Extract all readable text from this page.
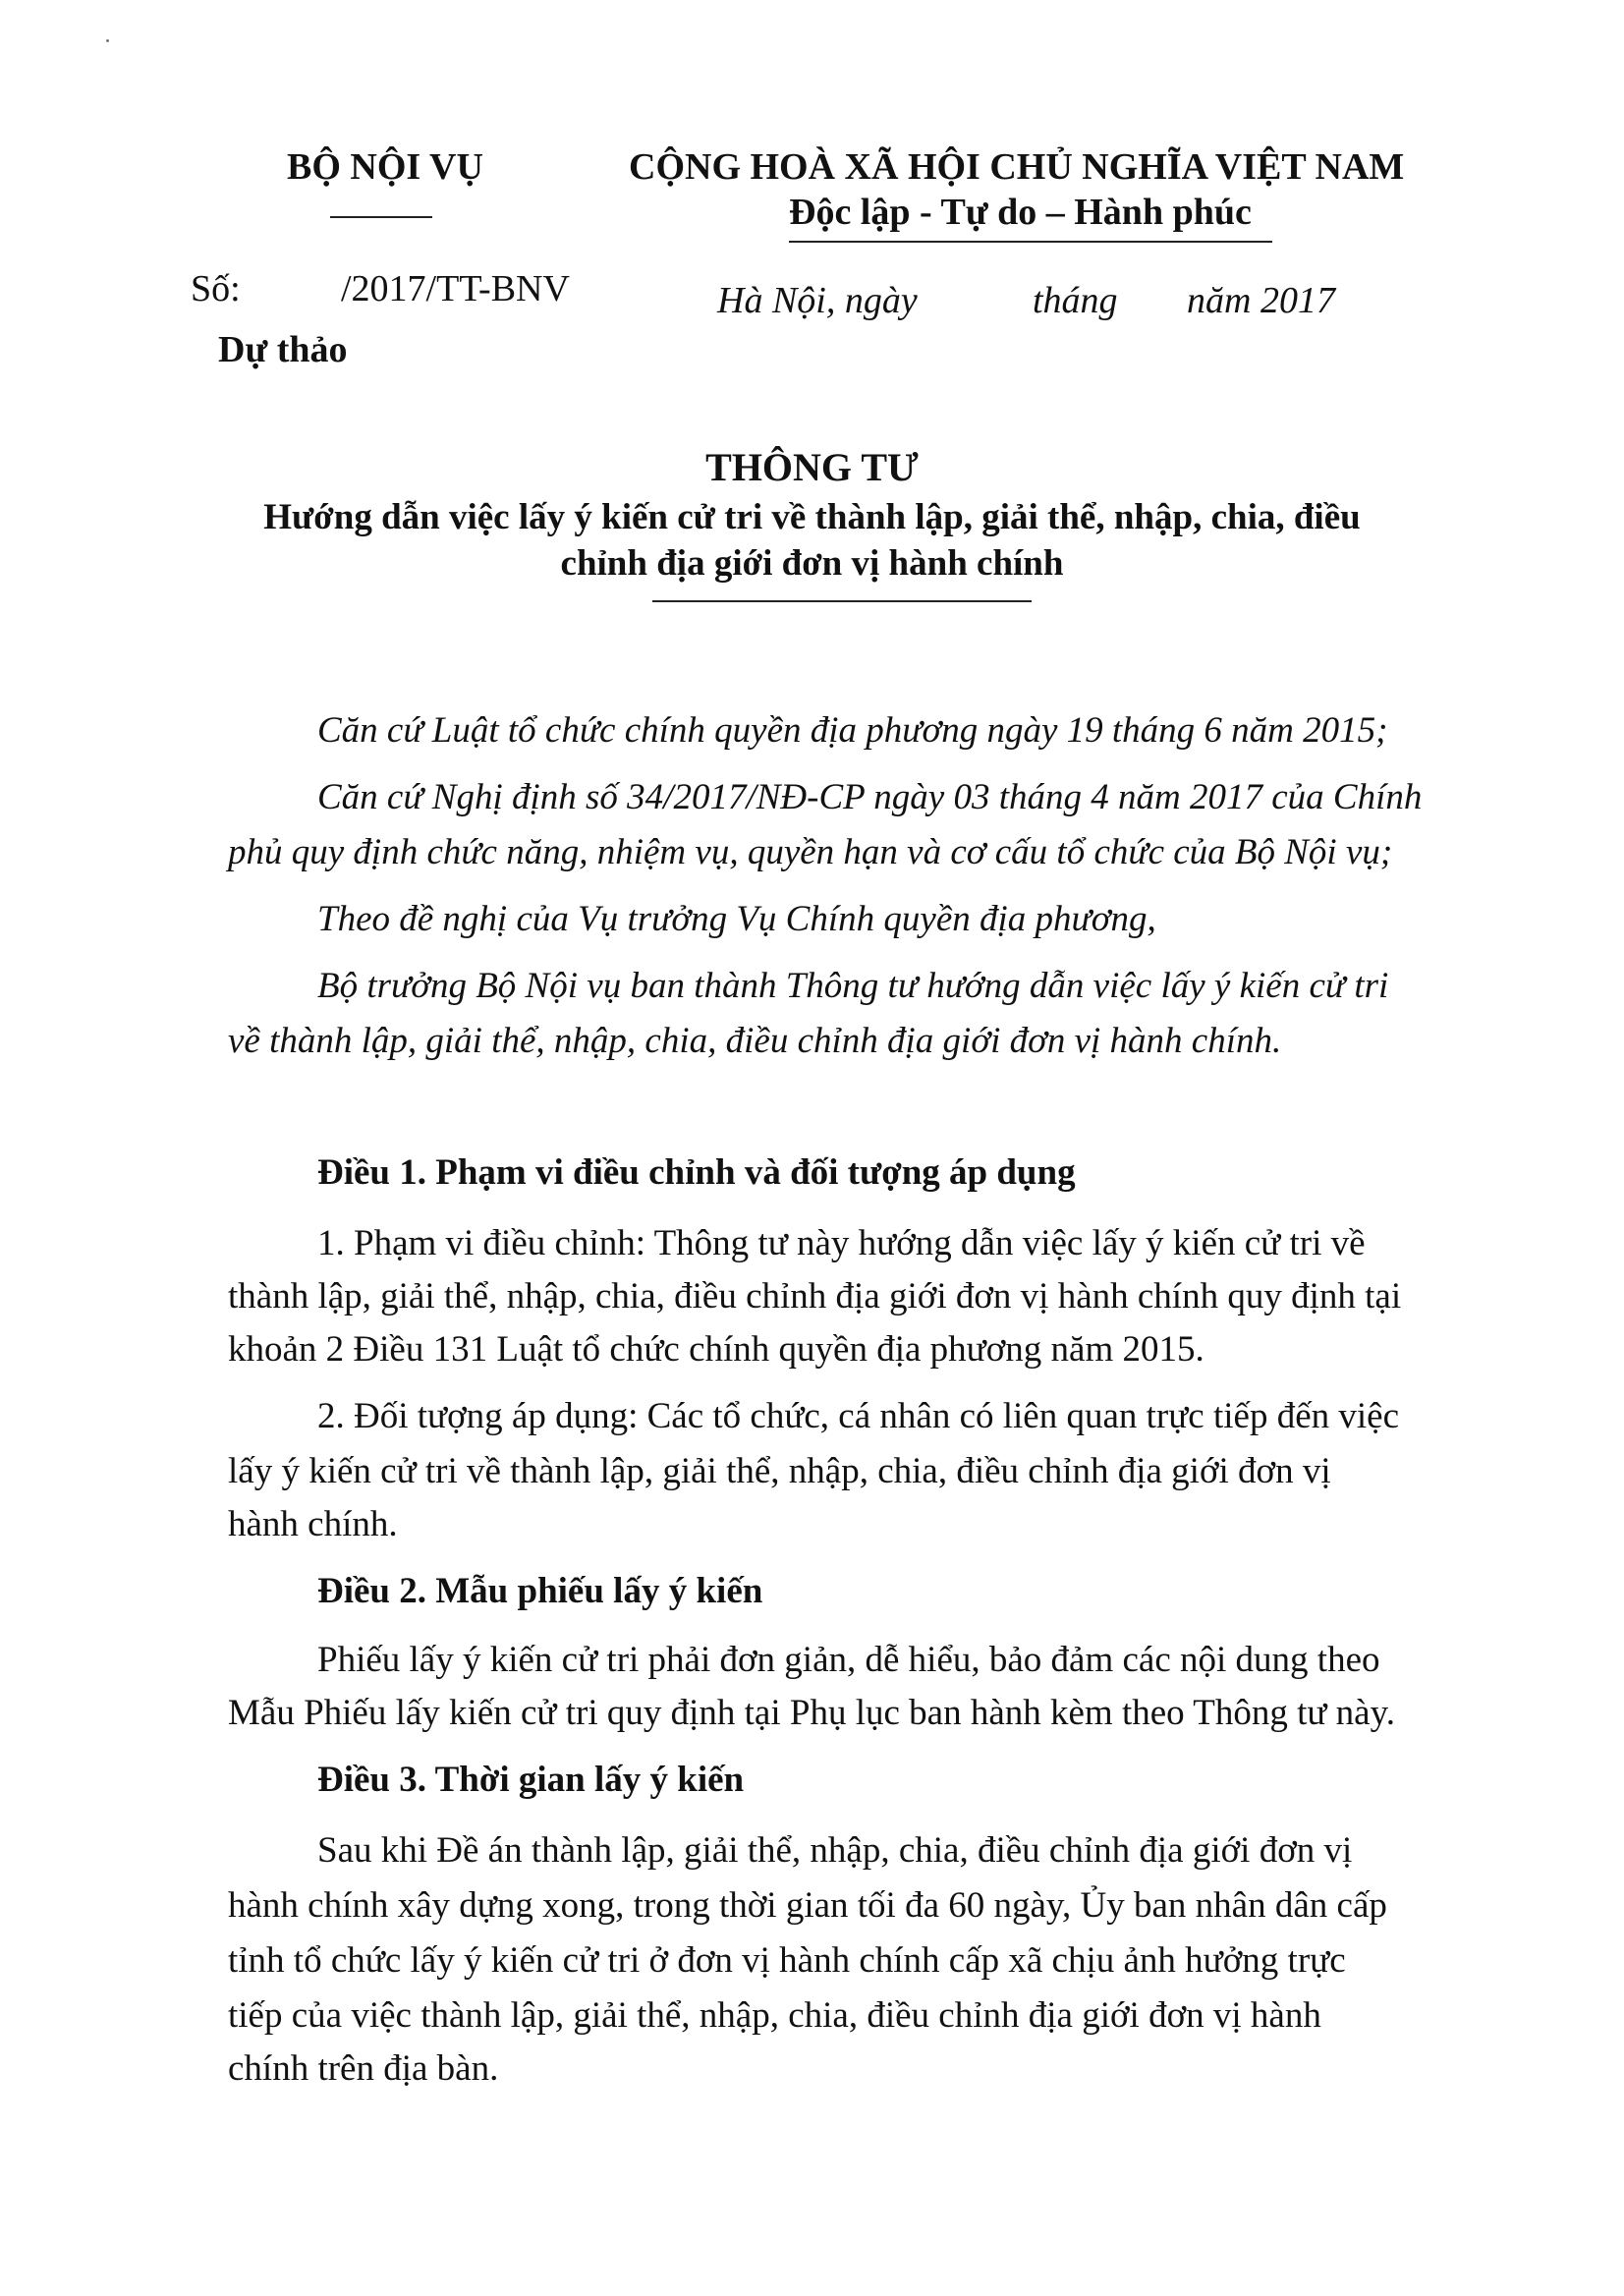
BỘ NỘI VỤ	CỘNG HOÀ XÃ HỘI CHỦ NGHĨA VIỆT NAM
Độc lập - Tự do – Hành phúc
Số:	/2017/TT-BNV
Dự thảo
Hà Nội, ngày	tháng năm 2017
THÔNG TƯ
Hướng dẫn việc lấy ý kiến cử tri về thành lập, giải thể, nhập, chia, điều
chỉnh địa giới đơn vị hành chính
Căn cứ Luật tổ chức chính quyền địa phương ngày 19 tháng 6 năm 2015;
Căn cứ Nghị định số 34/2017/NĐ-CP ngày 03 tháng 4 năm 2017 của Chính
phủ quy định chức năng, nhiệm vụ, quyền hạn và cơ cấu tổ chức của Bộ Nội vụ;
Theo đề nghị của Vụ trưởng Vụ Chính quyền địa phương,
Bộ trưởng Bộ Nội vụ ban thành Thông tư hướng dẫn việc lấy ý kiến cử tri
về thành lập, giải thể, nhập, chia, điều chỉnh địa giới đơn vị hành chính.
Điều 1. Phạm vi điều chỉnh và đối tượng áp dụng
1. Phạm vi điều chỉnh: Thông tư này hướng dẫn việc lấy ý kiến cử tri về
thành lập, giải thể, nhập, chia, điều chỉnh địa giới đơn vị hành chính quy định tại
khoản 2 Điều 131 Luật tổ chức chính quyền địa phương năm 2015.
2. Đối tượng áp dụng: Các tổ chức, cá nhân có liên quan trực tiếp đến việc
lấy ý kiến cử tri về thành lập, giải thể, nhập, chia, điều chỉnh địa giới đơn vị
hành chính.
Điều 2. Mẫu phiếu lấy ý kiến
Phiếu lấy ý kiến cử tri phải đơn giản, dễ hiểu, bảo đảm các nội dung theo
Mẫu Phiếu lấy kiến cử tri quy định tại Phụ lục ban hành kèm theo Thông tư này.
Điều 3. Thời gian lấy ý kiến
Sau khi Đề án thành lập, giải thể, nhập, chia, điều chỉnh địa giới đơn vị
hành chính xây dựng xong, trong thời gian tối đa 60 ngày, Ủy ban nhân dân cấp
tỉnh tổ chức lấy ý kiến cử tri ở đơn vị hành chính cấp xã chịu ảnh hưởng trực
tiếp của việc thành lập, giải thể, nhập, chia, điều chỉnh địa giới đơn vị hành
chính trên địa bàn.
